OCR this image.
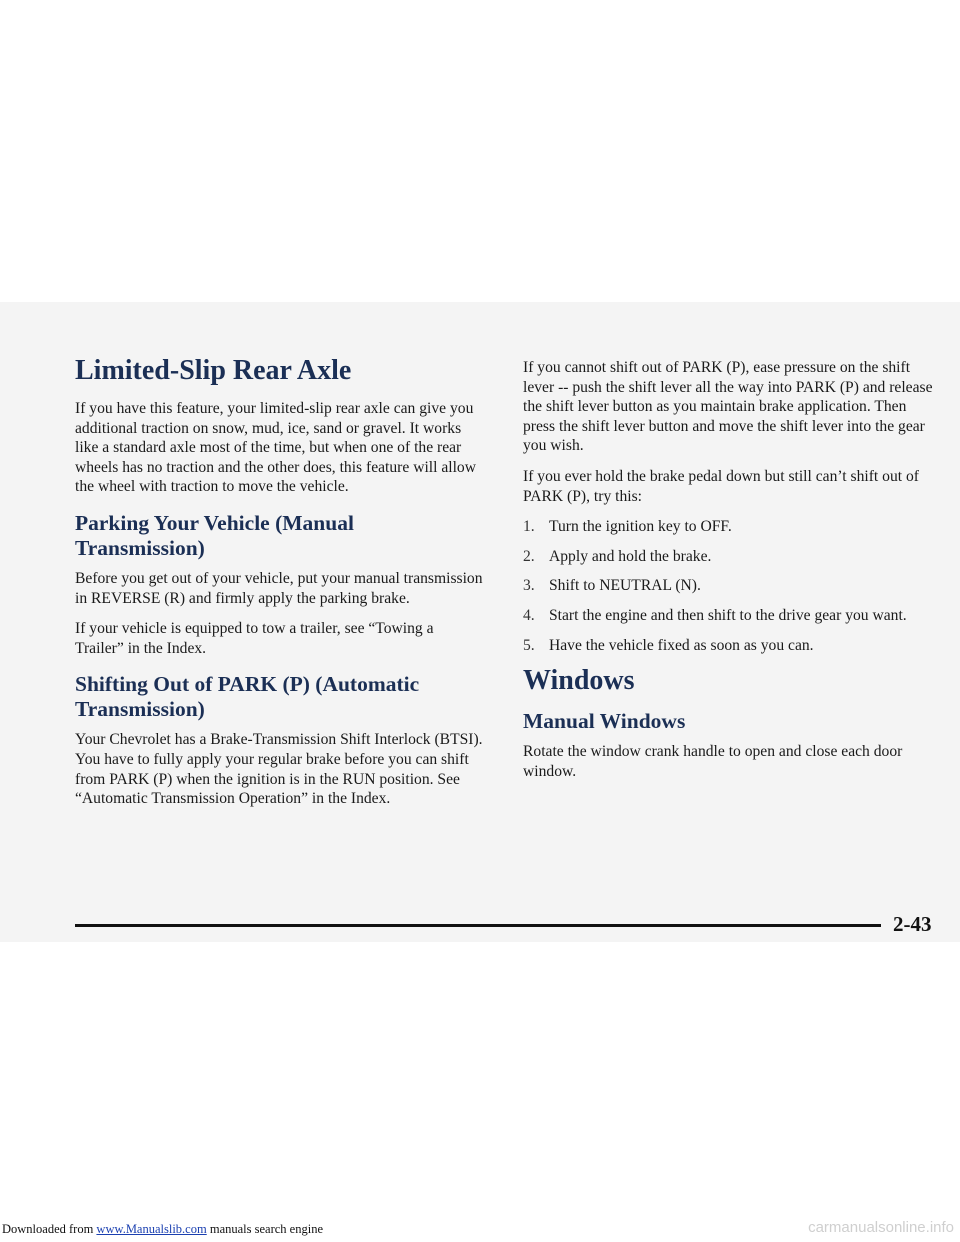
Limited-Slip Rear Axle

If you have this feature, your limited-slip rear axle can give you additional traction on snow, mud, ice, sand or gravel. It works like a standard axle most of the time, but when one of the rear wheels has no traction and the other does, this feature will allow the wheel with traction to move the vehicle.

Parking Your Vehicle (Manual Transmission)

Before you get out of your vehicle, put your manual transmission in REVERSE (R) and firmly apply the parking brake.

If your vehicle is equipped to tow a trailer, see “Towing a Trailer” in the Index.

Shifting Out of PARK (P) (Automatic Transmission)

Your Chevrolet has a Brake-Transmission Shift Interlock (BTSI). You have to fully apply your regular brake before you can shift from PARK (P) when the ignition is in the RUN position. See “Automatic Transmission Operation” in the Index.

If you cannot shift out of PARK (P), ease pressure on the shift lever -- push the shift lever all the way into PARK (P) and release the shift lever button as you maintain brake application. Then press the shift lever button and move the shift lever into the gear you wish.

If you ever hold the brake pedal down but still can’t shift out of PARK (P), try this:

1. Turn the ignition key to OFF.
2. Apply and hold the brake.
3. Shift to NEUTRAL (N).
4. Start the engine and then shift to the drive gear you want.
5. Have the vehicle fixed as soon as you can.
Windows
Manual Windows

Rotate the window crank handle to open and close each door window.

2-43
Downloaded from www.Manualslib.com manuals search engine	carmanualsonline.info
